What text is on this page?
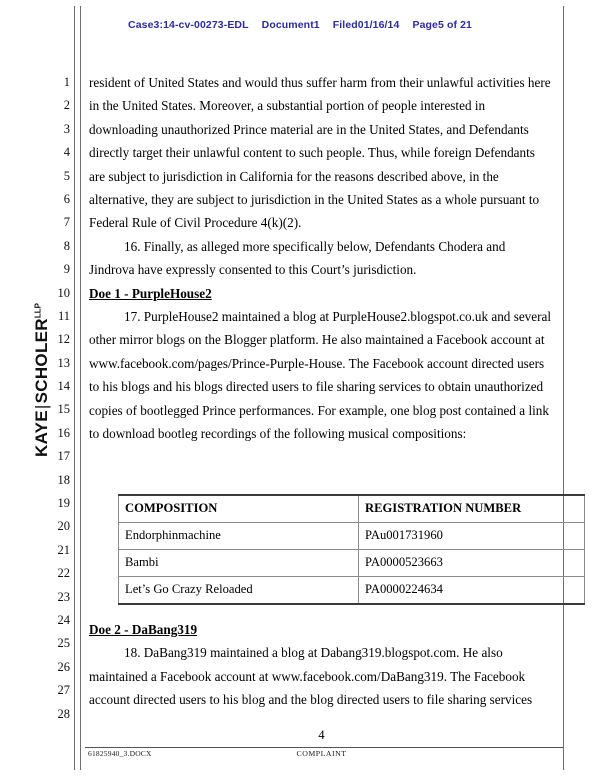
Case3:14-cv-00273-EDL Document1 Filed01/16/14 Page5 of 21
1
2
3
4
5
6
7
8
9
10
11
12
13
14
15
16
17
18
19
20
21
22
23
24
25
26
27
28
$KAYE|SCHOLER^{LLP}$

resident of United States and would thus suffer harm from their unlawful activities here in the United States. Moreover, a substantial portion of people interested in downloading unauthorized Prince material are in the United States, and Defendants directly target their unlawful content to such people. Thus, while foreign Defendants are subject to jurisdiction in California for the reasons described above, in the alternative, they are subject to jurisdiction in the United States as a whole pursuant to Federal Rule of Civil Procedure 4(k)(2).

16. Finally, as alleged more specifically below, Defendants Chodera and Jindrova have expressly consented to this Court’s jurisdiction.

Doe 1 - PurpleHouse2

17. PurpleHouse2 maintained a blog at PurpleHouse2.blogspot.co.uk and several other mirror blogs on the Blogger platform. He also maintained a Facebook account at www.facebook.com/pages/Prince-Purple-House. The Facebook account directed users to his blogs and his blogs directed users to file sharing services to obtain unauthorized copies of bootlegged Prince performances. For example, one blog post contained a link to download bootleg recordings of the following musical compositions:

COMPOSITION	REGISTRATION NUMBER
Endorphinmachine	PAu001731960
Bambi	PA0000523663
Let’s Go Crazy Reloaded	PA0000224634
Doe 2 - DaBang319

18. DaBang319 maintained a blog at Dabang319.blogspot.com. He also maintained a Facebook account at www.facebook.com/DaBang319. The Facebook account directed users to his blog and the blog directed users to file sharing services

4
61825940_3.DOCX	COMPLAINT
